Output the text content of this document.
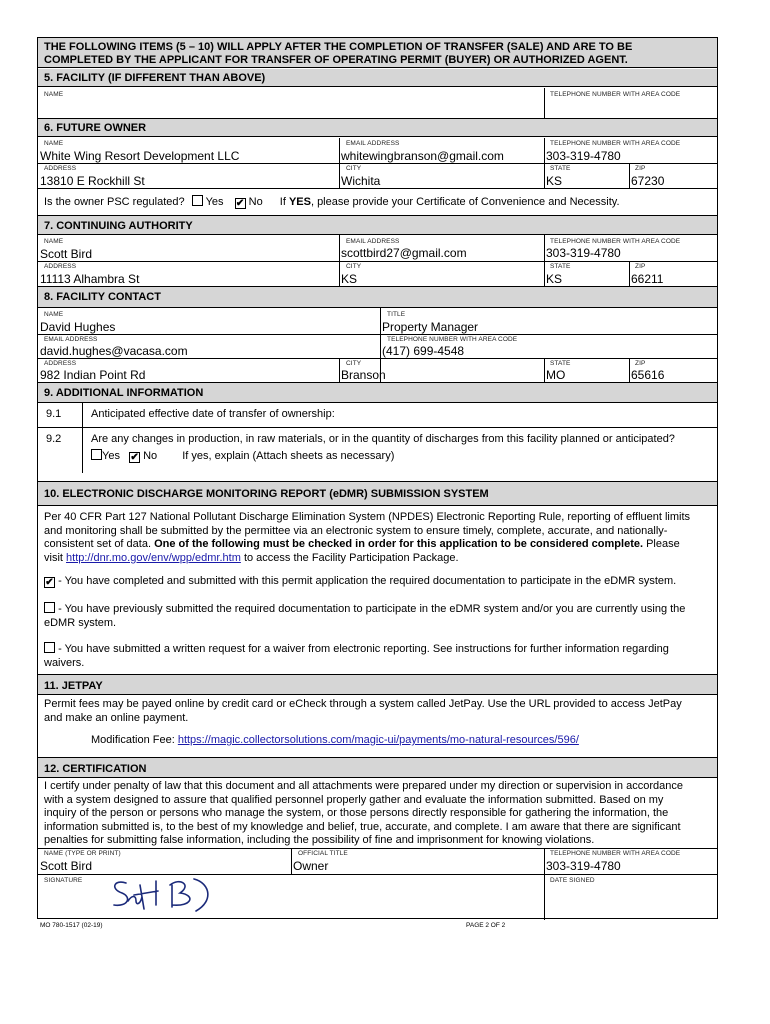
THE FOLLOWING ITEMS (5 – 10) WILL APPLY AFTER THE COMPLETION OF TRANSFER (SALE) AND ARE TO BE
COMPLETED BY THE APPLICANT FOR TRANSFER OF OPERATING PERMIT (BUYER) OR AUTHORIZED AGENT.
5. FACILITY (IF DIFFERENT THAN ABOVE)
NAME	TELEPHONE NUMBER WITH AREA CODE
6. FUTURE OWNER
NAME
White Wing Resort Development LLC
EMAIL ADDRESS
whitewingbranson@gmail.com
TELEPHONE NUMBER WITH AREA CODE
303-319-4780
ADDRESS
13810 E Rockhill St
CITY
Wichita
STATE
KS
ZIP
67230
Is the owner PSC regulated? Yes ✔ No If YES, please provide your Certificate of Convenience and Necessity.
7. CONTINUING AUTHORITY
NAME
Scott Bird
EMAIL ADDRESS
scottbird27@gmail.com
TELEPHONE NUMBER WITH AREA CODE
303-319-4780
ADDRESS
11113 Alhambra St
CITY
KS
STATE
KS
ZIP
66211
8. FACILITY CONTACT
NAME
David Hughes
TITLE
Property Manager
EMAIL ADDRESS
david.hughes@vacasa.com
TELEPHONE NUMBER WITH AREA CODE
(417) 699-4548
ADDRESS
982 Indian Point Rd
CITY
Branson
STATE
MO
ZIP
65616
9. ADDITIONAL INFORMATION
9.1	Anticipated effective date of transfer of ownership:
9.2	Are any changes in production, in raw materials, or in the quantity of discharges from this facility planned or anticipated?
Yes ✔ No If yes, explain (Attach sheets as necessary)
10. ELECTRONIC DISCHARGE MONITORING REPORT (eDMR) SUBMISSION SYSTEM
Per 40 CFR Part 127 National Pollutant Discharge Elimination System (NPDES) Electronic Reporting Rule, reporting of effluent limits
and monitoring shall be submitted by the permittee via an electronic system to ensure timely, complete, accurate, and nationally-
consistent set of data. One of the following must be checked in order for this application to be considered complete. Please
visit http://dnr.mo.gov/env/wpp/edmr.htm to access the Facility Participation Package.
✔ - You have completed and submitted with this permit application the required documentation to participate in the eDMR system.
- You have previously submitted the required documentation to participate in the eDMR system and/or you are currently using the
eDMR system.
- You have submitted a written request for a waiver from electronic reporting. See instructions for further information regarding
waivers.
11. JETPAY
Permit fees may be payed online by credit card or eCheck through a system called JetPay. Use the URL provided to access JetPay
and make an online payment.
Modification Fee: https://magic.collectorsolutions.com/magic-ui/payments/mo-natural-resources/596/
12. CERTIFICATION
I certify under penalty of law that this document and all attachments were prepared under my direction or supervision in accordance
with a system designed to assure that qualified personnel properly gather and evaluate the information submitted. Based on my
inquiry of the person or persons who manage the system, or those persons directly responsible for gathering the information, the
information submitted is, to the best of my knowledge and belief, true, accurate, and complete. I am aware that there are significant
penalties for submitting false information, including the possibility of fine and imprisonment for knowing violations.
NAME (TYPE OR PRINT)
Scott Bird
OFFICIAL TITLE
Owner
TELEPHONE NUMBER WITH AREA CODE
303-319-4780
SIGNATURE	DATE SIGNED
MO 780-1517 (02-19)	PAGE 2 OF 2
